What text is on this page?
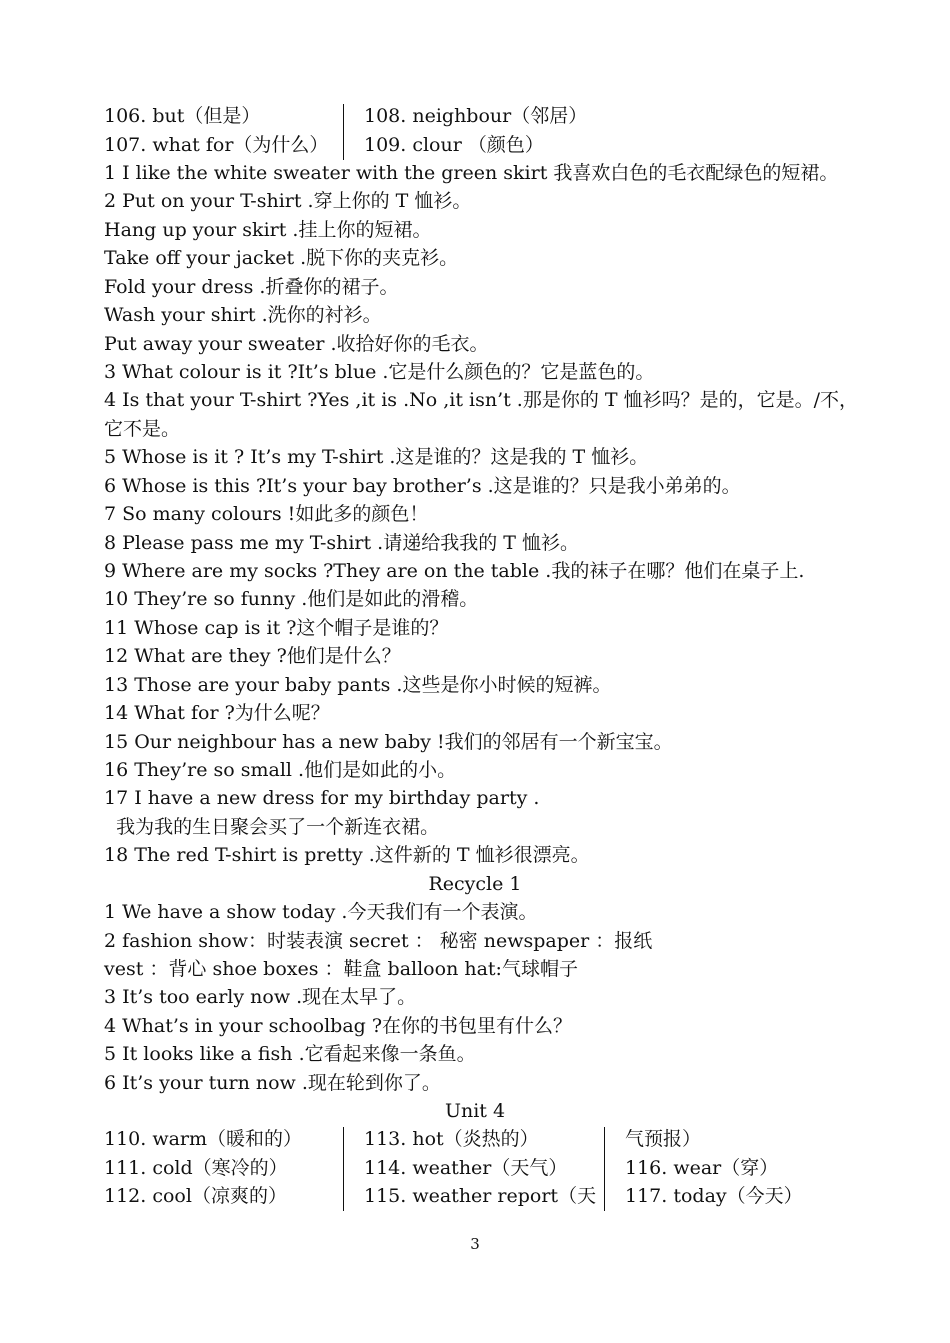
106. but（但是）
107. what for（为什么）
108. neighbour（邻居）
109. clour （颜色）
1 I like the white sweater with the green skirt 我喜欢白色的毛衣配绿色的短裙。
2 Put on your T-shirt .穿上你的 T 恤衫。
Hang up your skirt .挂上你的短裙。
Take off your jacket .脱下你的夹克衫。
Fold your dress .折叠你的裙子。
Wash your shirt .洗你的衬衫。
Put away your sweater .收拾好你的毛衣。
3 What colour is it ?It’s blue .它是什么颜色的？它是蓝色的。
4 Is that your T-shirt ?Yes ,it is .No ,it isn’t .那是你的 T 恤衫吗？是的，它是。/不，
它不是。
5 Whose is it ? It’s my T-shirt .这是谁的？这是我的 T 恤衫。
6 Whose is this ?It’s your bay brother’s .这是谁的？只是我小弟弟的。
7 So many colours !如此多的颜色！
8 Please pass me my T-shirt .请递给我我的 T 恤衫。
9 Where are my socks ?They are on the table .我的袜子在哪？他们在桌子上.
10 They’re so funny .他们是如此的滑稽。
11 Whose cap is it ?这个帽子是谁的？
12 What are they ?他们是什么？
13 Those are your baby pants .这些是你小时候的短裤。
14 What for ?为什么呢？
15 Our neighbour has a new baby !我们的邻居有一个新宝宝。
16 They’re so small .他们是如此的小。
17 I have a new dress for my birthday party .
我为我的生日聚会买了一个新连衣裙。
18 The red T-shirt is pretty .这件新的 T 恤衫很漂亮。
Recycle 1
1 We have a show today .今天我们有一个表演。
2 fashion show：时装表演 secret ： 秘密 newspaper ：报纸
vest ：背心 shoe boxes ：鞋盒 balloon hat:气球帽子
3 It’s too early now .现在太早了。
4 What’s in your schoolbag ?在你的书包里有什么？
5 It looks like a fish .它看起来像一条鱼。
6 It’s your turn now .现在轮到你了。
Unit 4
110. warm（暖和的）
111. cold（寒冷的）
112. cool（凉爽的）
113. hot（炎热的）
114. weather（天气）
115. weather report（天
气预报）
116. wear（穿）
117. today（今天）
3
